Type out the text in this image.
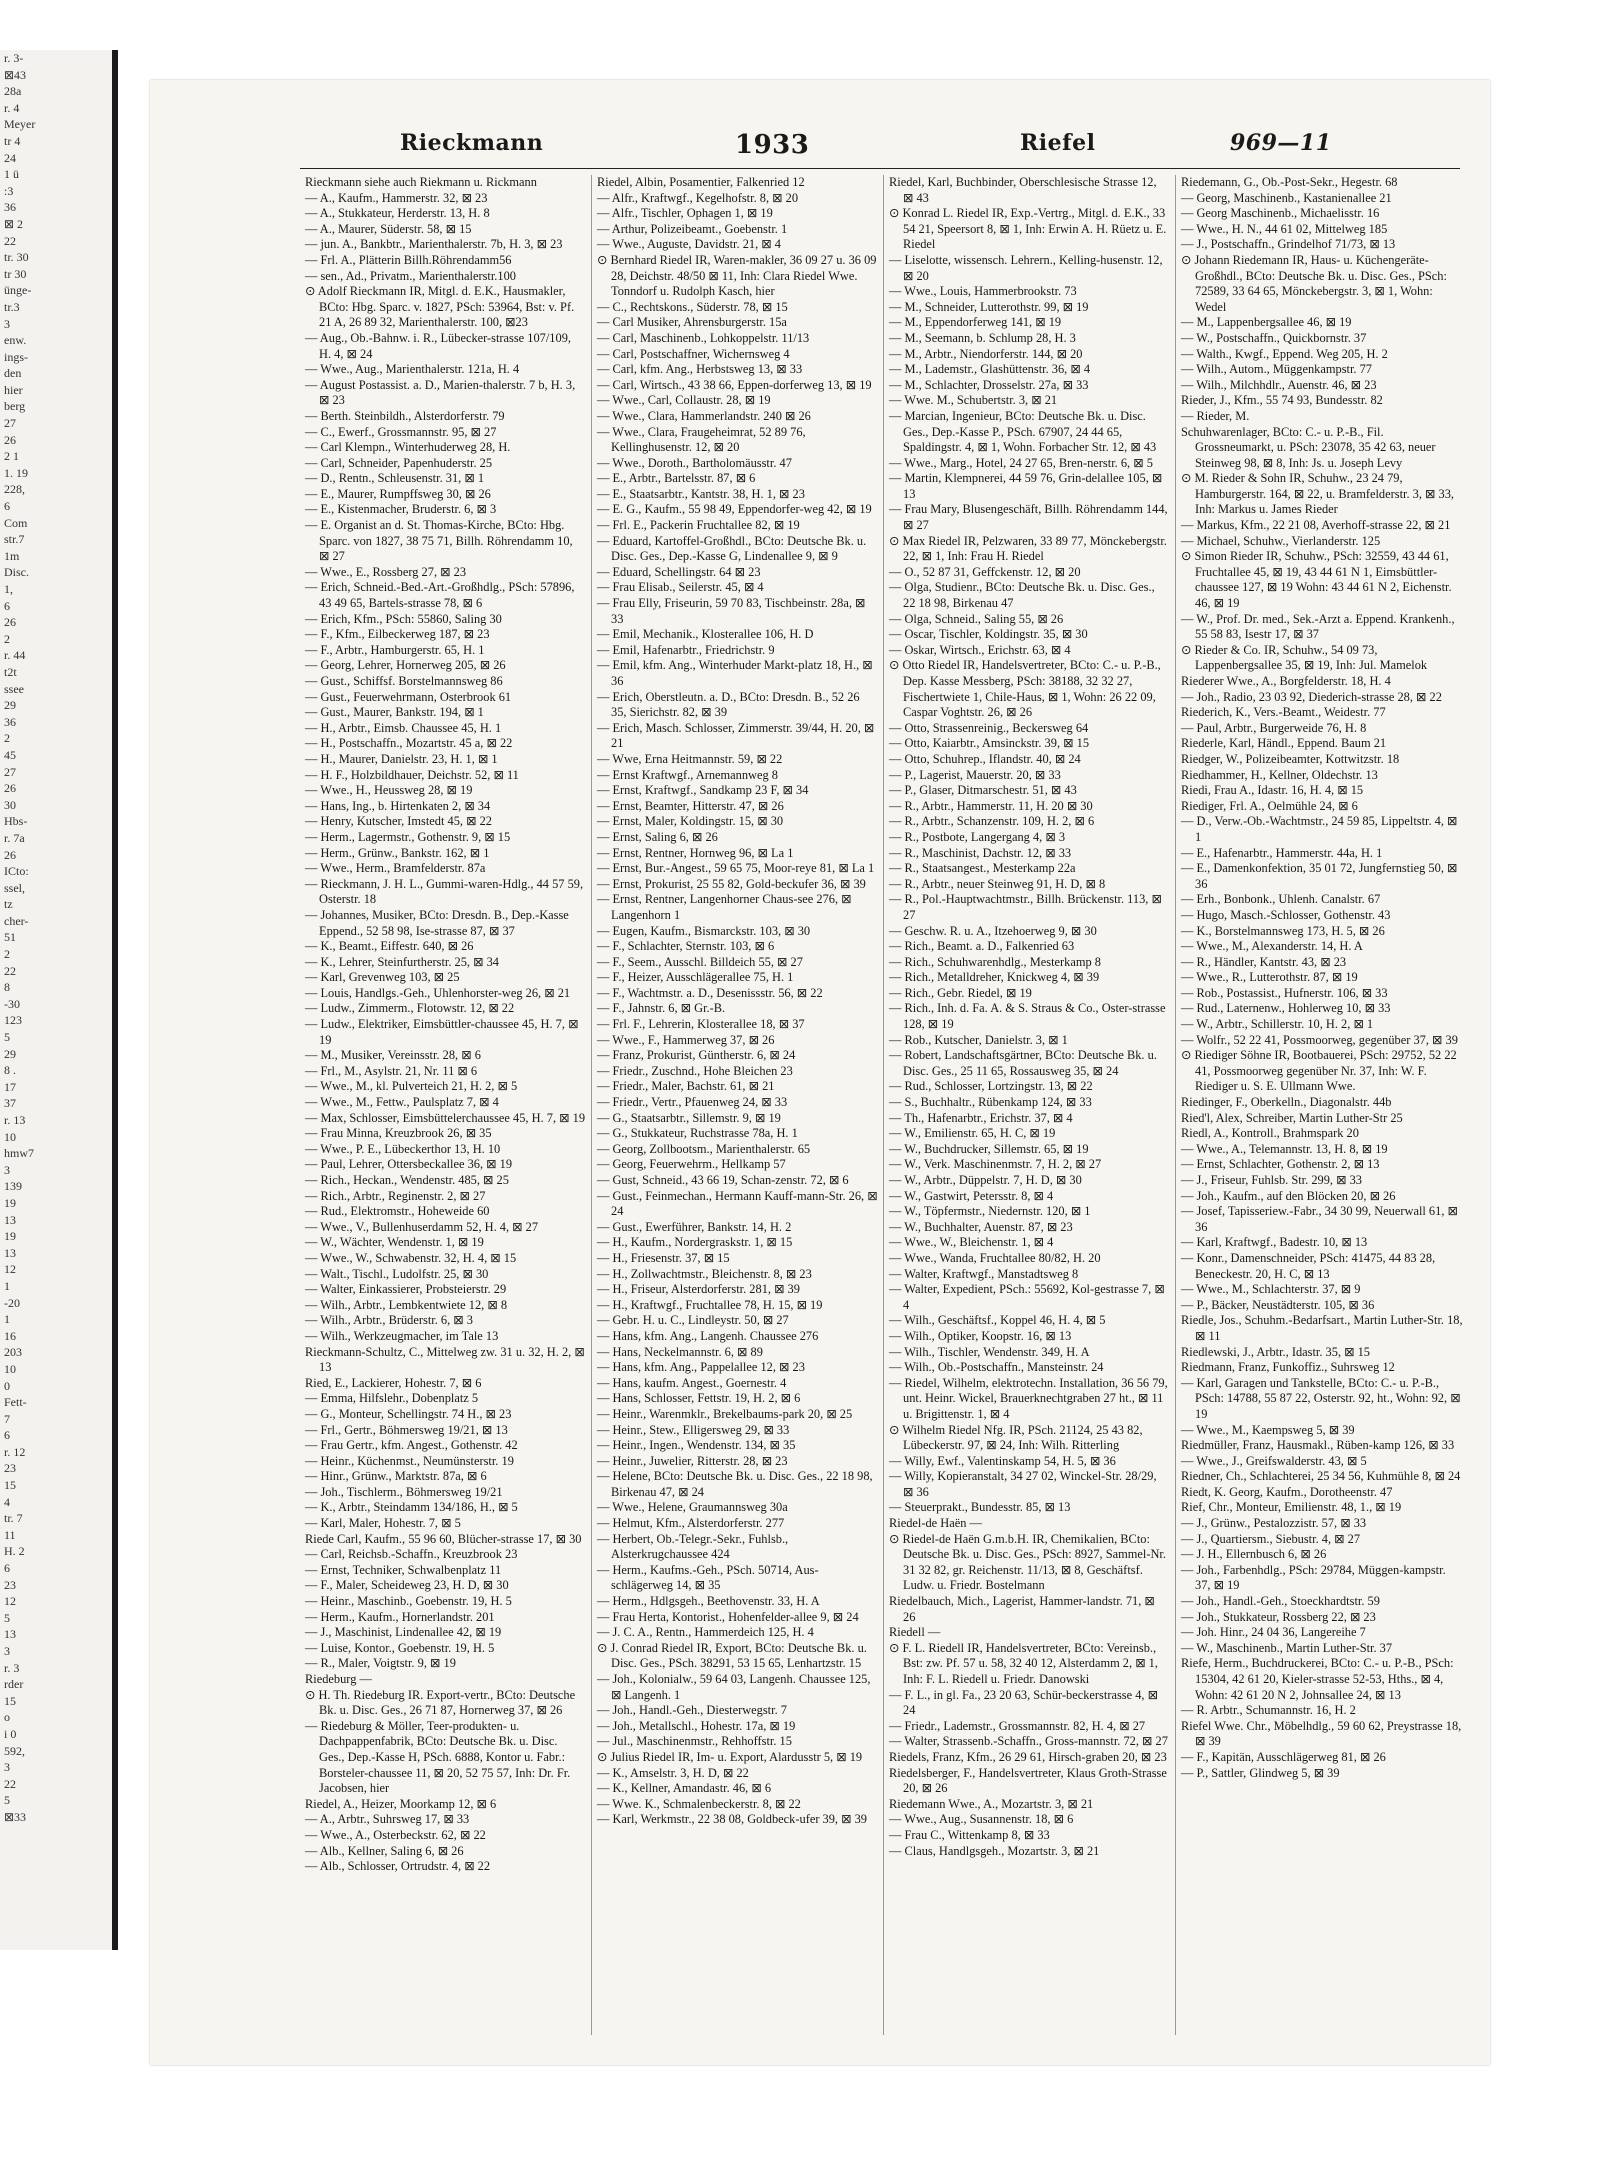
r. 3-
⊠43
28a
r. 4
Meyer
tr 4
24
1 ü
:3
36
⊠ 2
22
tr. 30
tr 30
ünge-
tr.3
3
enw.
ings-
den
hier
berg
27
26
2 1
1. 19
228,
6
Com
str.7
1m
Disc.
1,
6
26
2
r. 44
t2t
ssee
29
36
2
45
27
26
30
Hbs-
r. 7a
26
ICto:
ssel,
tz
cher-
51
2
22
8
-30
123
5
29
8 .
17
37
r. 13
10
hmw7
3
139
19
13
19
13
12
1
-20
1
16
203
10
0
Fett-
7
6
r. 12
23
15
4
tr. 7
11
H. 2
6
23
12
5
13
3
r. 3
rder
15
o
i 0
592,
3
22
5
⊠33
Rieckmann	1933	Riefel	969—11

Rieckmann siehe auch Riekmann u. Rickmann

— A., Kaufm., Hammerstr. 32, ⊠ 23

— A., Stukkateur, Herderstr. 13, H. 8

— A., Maurer, Süderstr. 58, ⊠ 15

— jun. A., Bankbtr., Marienthalerstr. 7b, H. 3, ⊠ 23

— Frl. A., Plätterin Billh.Röhrendamm56

— sen., Ad., Privatm., Marienthalerstr.100

⊙ Adolf Rieckmann IR, Mitgl. d. E.K., Hausmakler, BCto: Hbg. Sparc. v. 1827, PSch: 53964, Bst: v. Pf. 21 A, 26 89 32, Marienthalerstr. 100, ⊠23

— Aug., Ob.-Bahnw. i. R., Lübecker-strasse 107/109, H. 4, ⊠ 24

— Wwe., Aug., Marienthalerstr. 121a, H. 4

— August Postassist. a. D., Marien-thalerstr. 7 b, H. 3, ⊠ 23

— Berth. Steinbildh., Alsterdorferstr. 79

— C., Ewerf., Grossmannstr. 95, ⊠ 27

— Carl Klempn., Winterhuderweg 28, H.

— Carl, Schneider, Papenhuderstr. 25

— D., Rentn., Schleusenstr. 31, ⊠ 1

— E., Maurer, Rumpffsweg 30, ⊠ 26

— E., Kistenmacher, Bruderstr. 6, ⊠ 3

— E. Organist an d. St. Thomas-Kirche, BCto: Hbg. Sparc. von 1827, 38 75 71, Billh. Röhrendamm 10, ⊠ 27

— Wwe., E., Rossberg 27, ⊠ 23

— Erich, Schneid.-Bed.-Art.-Großhdlg., PSch: 57896, 43 49 65, Bartels-strasse 78, ⊠ 6

— Erich, Kfm., PSch: 55860, Saling 30

— F., Kfm., Eilbeckerweg 187, ⊠ 23

— F., Arbtr., Hamburgerstr. 65, H. 1

— Georg, Lehrer, Hornerweg 205, ⊠ 26

— Gust., Schiffsf. Borstelmannsweg 86

— Gust., Feuerwehrmann, Osterbrook 61

— Gust., Maurer, Bankstr. 194, ⊠ 1

— H., Arbtr., Eimsb. Chaussee 45, H. 1

— H., Postschaffn., Mozartstr. 45 a, ⊠ 22

— H., Maurer, Danielstr. 23, H. 1, ⊠ 1

— H. F., Holzbildhauer, Deichstr. 52, ⊠ 11

— Wwe., H., Heussweg 28, ⊠ 19

— Hans, Ing., b. Hirtenkaten 2, ⊠ 34

— Henry, Kutscher, Imstedt 45, ⊠ 22

— Herm., Lagermstr., Gothenstr. 9, ⊠ 15

— Herm., Grünw., Bankstr. 162, ⊠ 1

— Wwe., Herm., Bramfelderstr. 87a

— Rieckmann, J. H. L., Gummi-waren-Hdlg., 44 57 59, Osterstr. 18

— Johannes, Musiker, BCto: Dresdn. B., Dep.-Kasse Eppend., 52 58 98, Ise-strasse 87, ⊠ 37

— K., Beamt., Eiffestr. 640, ⊠ 26

— K., Lehrer, Steinfurtherstr. 25, ⊠ 34

— Karl, Grevenweg 103, ⊠ 25

— Louis, Handlgs.-Geh., Uhlenhorster-weg 26, ⊠ 21

— Ludw., Zimmerm., Flotowstr. 12, ⊠ 22

— Ludw., Elektriker, Eimsbüttler-chaussee 45, H. 7, ⊠ 19

— M., Musiker, Vereinsstr. 28, ⊠ 6

— Frl., M., Asylstr. 21, Nr. 11 ⊠ 6

— Wwe., M., kl. Pulverteich 21, H. 2, ⊠ 5

— Wwe., M., Fettw., Paulsplatz 7, ⊠ 4

— Max, Schlosser, Eimsbüttelerchaussee 45, H. 7, ⊠ 19

— Frau Minna, Kreuzbrook 26, ⊠ 35

— Wwe., P. E., Lübeckerthor 13, H. 10

— Paul, Lehrer, Ottersbeckallee 36, ⊠ 19

— Rich., Heckan., Wendenstr. 485, ⊠ 25

— Rich., Arbtr., Reginenstr. 2, ⊠ 27

— Rud., Elektromstr., Hoheweide 60

— Wwe., V., Bullenhuserdamm 52, H. 4, ⊠ 27

— W., Wächter, Wendenstr. 1, ⊠ 19

— Wwe., W., Schwabenstr. 32, H. 4, ⊠ 15

— Walt., Tischl., Ludolfstr. 25, ⊠ 30

— Walter, Einkassierer, Probsteierstr. 29

— Wilh., Arbtr., Lembkentwiete 12, ⊠ 8

— Wilh., Arbtr., Brüderstr. 6, ⊠ 3

— Wilh., Werkzeugmacher, im Tale 13

Rieckmann-Schultz, C., Mittelweg zw. 31 u. 32, H. 2, ⊠ 13

Ried, E., Lackierer, Hohestr. 7, ⊠ 6

— Emma, Hilfslehr., Dobenplatz 5

— G., Monteur, Schellingstr. 74 H., ⊠ 23

— Frl., Gertr., Böhmersweg 19/21, ⊠ 13

— Frau Gertr., kfm. Angest., Gothenstr. 42

— Heinr., Küchenmst., Neumünsterstr. 19

— Hinr., Grünw., Marktstr. 87a, ⊠ 6

— Joh., Tischlerm., Böhmersweg 19/21

— K., Arbtr., Steindamm 134/186, H., ⊠ 5

— Karl, Maler, Hohestr. 7, ⊠ 5

Riede Carl, Kaufm., 55 96 60, Blücher-strasse 17, ⊠ 30

— Carl, Reichsb.-Schaffn., Kreuzbrook 23

— Ernst, Techniker, Schwalbenplatz 11

— F., Maler, Scheideweg 23, H. D, ⊠ 30

— Heinr., Maschinb., Goebenstr. 19, H. 5

— Herm., Kaufm., Hornerlandstr. 201

— J., Maschinist, Lindenallee 42, ⊠ 19

— Luise, Kontor., Goebenstr. 19, H. 5

— R., Maler, Voigtstr. 9, ⊠ 19

Riedeburg —

⊙ H. Th. Riedeburg IR. Export-vertr., BCto: Deutsche Bk. u. Disc. Ges., 26 71 87, Hornerweg 37, ⊠ 26

— Riedeburg & Möller, Teer-produkten- u. Dachpappenfabrik, BCto: Deutsche Bk. u. Disc. Ges., Dep.-Kasse H, PSch. 6888, Kontor u. Fabr.: Borsteler-chaussee 11, ⊠ 20, 52 75 57, Inh: Dr. Fr. Jacobsen, hier

Riedel, A., Heizer, Moorkamp 12, ⊠ 6

— A., Arbtr., Suhrsweg 17, ⊠ 33

— Wwe., A., Osterbeckstr. 62, ⊠ 22

— Alb., Kellner, Saling 6, ⊠ 26

— Alb., Schlosser, Ortrudstr. 4, ⊠ 22

Riedel, Albin, Posamentier, Falkenried 12

— Alfr., Kraftwgf., Kegelhofstr. 8, ⊠ 20

— Alfr., Tischler, Ophagen 1, ⊠ 19

— Arthur, Polizeibeamt., Goebenstr. 1

— Wwe., Auguste, Davidstr. 21, ⊠ 4

⊙ Bernhard Riedel IR, Waren-makler, 36 09 27 u. 36 09 28, Deichstr. 48/50 ⊠ 11, Inh: Clara Riedel Wwe. Tonndorf u. Rudolph Kasch, hier

— C., Rechtskons., Süderstr. 78, ⊠ 15

— Carl Musiker, Ahrensburgerstr. 15a

— Carl, Maschinenb., Lohkoppelstr. 11/13

— Carl, Postschaffner, Wichernsweg 4

— Carl, kfm. Ang., Herbstsweg 13, ⊠ 33

— Carl, Wirtsch., 43 38 66, Eppen-dorferweg 13, ⊠ 19

— Wwe., Carl, Collaustr. 28, ⊠ 19

— Wwe., Clara, Hammerlandstr. 240 ⊠ 26

— Wwe., Clara, Fraugeheimrat, 52 89 76, Kellinghusenstr. 12, ⊠ 20

— Wwe., Doroth., Bartholomäusstr. 47

— E., Arbtr., Bartelsstr. 87, ⊠ 6

— E., Staatsarbtr., Kantstr. 38, H. 1, ⊠ 23

— E. G., Kaufm., 55 98 49, Eppendorfer-weg 42, ⊠ 19

— Frl. E., Packerin Fruchtallee 82, ⊠ 19

— Eduard, Kartoffel-Großhdl., BCto: Deutsche Bk. u. Disc. Ges., Dep.-Kasse G, Lindenallee 9, ⊠ 9

— Eduard, Schellingstr. 64 ⊠ 23

— Frau Elisab., Seilerstr. 45, ⊠ 4

— Frau Elly, Friseurin, 59 70 83, Tischbeinstr. 28a, ⊠ 33

— Emil, Mechanik., Klosterallee 106, H. D

— Emil, Hafenarbtr., Friedrichstr. 9

— Emil, kfm. Ang., Winterhuder Markt-platz 18, H., ⊠ 36

— Erich, Oberstleutn. a. D., BCto: Dresdn. B., 52 26 35, Sierichstr. 82, ⊠ 39

— Erich, Masch. Schlosser, Zimmerstr. 39/44, H. 20, ⊠ 21

— Wwe, Erna Heitmannstr. 59, ⊠ 22

— Ernst Kraftwgf., Arnemannweg 8

— Ernst, Kraftwgf., Sandkamp 23 F, ⊠ 34

— Ernst, Beamter, Hitterstr. 47, ⊠ 26

— Ernst, Maler, Koldingstr. 15, ⊠ 30

— Ernst, Saling 6, ⊠ 26

— Ernst, Rentner, Hornweg 96, ⊠ La 1

— Ernst, Bur.-Angest., 59 65 75, Moor-reye 81, ⊠ La 1

— Ernst, Prokurist, 25 55 82, Gold-beckufer 36, ⊠ 39

— Ernst, Rentner, Langenhorner Chaus-see 276, ⊠ Langenhorn 1

— Eugen, Kaufm., Bismarckstr. 103, ⊠ 30

— F., Schlachter, Sternstr. 103, ⊠ 6

— F., Seem., Ausschl. Billdeich 55, ⊠ 27

— F., Heizer, Ausschlägerallee 75, H. 1

— F., Wachtmstr. a. D., Desenissstr. 56, ⊠ 22

— F., Jahnstr. 6, ⊠ Gr.-B.

— Frl. F., Lehrerin, Klosterallee 18, ⊠ 37

— Wwe., F., Hammerweg 37, ⊠ 26

— Franz, Prokurist, Güntherstr. 6, ⊠ 24

— Friedr., Zuschnd., Hohe Bleichen 23

— Friedr., Maler, Bachstr. 61, ⊠ 21

— Friedr., Vertr., Pfauenweg 24, ⊠ 33

— G., Staatsarbtr., Sillemstr. 9, ⊠ 19

— G., Stukkateur, Ruchstrasse 78a, H. 1

— Georg, Zollbootsm., Marienthalerstr. 65

— Georg, Feuerwehrm., Hellkamp 57

— Gust, Schneid., 43 66 19, Schan-zenstr. 72, ⊠ 6

— Gust., Feinmechan., Hermann Kauff-mann-Str. 26, ⊠ 24

— Gust., Ewerführer, Bankstr. 14, H. 2

— H., Kaufm., Nordergraskstr. 1, ⊠ 15

— H., Friesenstr. 37, ⊠ 15

— H., Zollwachtmstr., Bleichenstr. 8, ⊠ 23

— H., Friseur, Alsterdorferstr. 281, ⊠ 39

— H., Kraftwgf., Fruchtallee 78, H. 15, ⊠ 19

— Gebr. H. u. C., Lindleystr. 50, ⊠ 27

— Hans, kfm. Ang., Langenh. Chaussee 276

— Hans, Neckelmannstr. 6, ⊠ 89

— Hans, kfm. Ang., Pappelallee 12, ⊠ 23

— Hans, kaufm. Angest., Goernestr. 4

— Hans, Schlosser, Fettstr. 19, H. 2, ⊠ 6

— Heinr., Warenmklr., Brekelbaums-park 20, ⊠ 25

— Heinr., Stew., Elligersweg 29, ⊠ 33

— Heinr., Ingen., Wendenstr. 134, ⊠ 35

— Heinr., Juwelier, Ritterstr. 28, ⊠ 23

— Helene, BCto: Deutsche Bk. u. Disc. Ges., 22 18 98, Birkenau 47, ⊠ 24

— Wwe., Helene, Graumannsweg 30a

— Helmut, Kfm., Alsterdorferstr. 277

— Herbert, Ob.-Telegr.-Sekr., Fuhlsb., Alsterkrugchaussee 424

— Herm., Kaufms.-Geh., PSch. 50714, Aus-schlägerweg 14, ⊠ 35

— Herm., Hdlgsgeh., Beethovenstr. 33, H. A

— Frau Herta, Kontorist., Hohenfelder-allee 9, ⊠ 24

— J. C. A., Rentn., Hammerdeich 125, H. 4

⊙ J. Conrad Riedel IR, Export, BCto: Deutsche Bk. u. Disc. Ges., PSch. 38291, 53 15 65, Lenhartzstr. 15

— Joh., Kolonialw., 59 64 03, Langenh. Chaussee 125, ⊠ Langenh. 1

— Joh., Handl.-Geh., Diesterwegstr. 7

— Joh., Metallschl., Hohestr. 17a, ⊠ 19

— Jul., Maschinenmstr., Rehhoffstr. 15

⊙ Julius Riedel IR, Im- u. Export, Alardusstr 5, ⊠ 19

— K., Amselstr. 3, H. D, ⊠ 22

— K., Kellner, Amandastr. 46, ⊠ 6

— Wwe. K., Schmalenbeckerstr. 8, ⊠ 22

— Karl, Werkmstr., 22 38 08, Goldbeck-ufer 39, ⊠ 39

Riedel, Karl, Buchbinder, Oberschlesische Strasse 12, ⊠ 43

⊙ Konrad L. Riedel IR, Exp.-Vertrg., Mitgl. d. E.K., 33 54 21, Speersort 8, ⊠ 1, Inh: Erwin A. H. Rüetz u. E. Riedel

— Liselotte, wissensch. Lehrern., Kelling-husenstr. 12, ⊠ 20

— Wwe., Louis, Hammerbrookstr. 73

— M., Schneider, Lutterothstr. 99, ⊠ 19

— M., Eppendorferweg 141, ⊠ 19

— M., Seemann, b. Schlump 28, H. 3

— M., Arbtr., Niendorferstr. 144, ⊠ 20

— M., Lademstr., Glashüttenstr. 36, ⊠ 4

— M., Schlachter, Drosselstr. 27a, ⊠ 33

— Wwe. M., Schubertstr. 3, ⊠ 21

— Marcian, Ingenieur, BCto: Deutsche Bk. u. Disc. Ges., Dep.-Kasse P., PSch. 67907, 24 44 65, Spaldingstr. 4, ⊠ 1, Wohn. Forbacher Str. 12, ⊠ 43

— Wwe., Marg., Hotel, 24 27 65, Bren-nerstr. 6, ⊠ 5

— Martin, Klempnerei, 44 59 76, Grin-delallee 105, ⊠ 13

— Frau Mary, Blusengeschäft, Billh. Röhrendamm 144, ⊠ 27

⊙ Max Riedel IR, Pelzwaren, 33 89 77, Mönckebergstr. 22, ⊠ 1, Inh: Frau H. Riedel

— O., 52 87 31, Geffckenstr. 12, ⊠ 20

— Olga, Studienr., BCto: Deutsche Bk. u. Disc. Ges., 22 18 98, Birkenau 47

— Olga, Schneid., Saling 55, ⊠ 26

— Oscar, Tischler, Koldingstr. 35, ⊠ 30

— Oskar, Wirtsch., Erichstr. 63, ⊠ 4

⊙ Otto Riedel IR, Handelsvertreter, BCto: C.- u. P.-B., Dep. Kasse Messberg, PSch: 38188, 32 32 27, Fischertwiete 1, Chile-Haus, ⊠ 1, Wohn: 26 22 09, Caspar Voghtstr. 26, ⊠ 26

— Otto, Strassenreinig., Beckersweg 64

— Otto, Kaiarbtr., Amsinckstr. 39, ⊠ 15

— Otto, Schuhrep., Iflandstr. 40, ⊠ 24

— P., Lagerist, Mauerstr. 20, ⊠ 33

— P., Glaser, Ditmarschestr. 51, ⊠ 43

— R., Arbtr., Hammerstr. 11, H. 20 ⊠ 30

— R., Arbtr., Schanzenstr. 109, H. 2, ⊠ 6

— R., Postbote, Langergang 4, ⊠ 3

— R., Maschinist, Dachstr. 12, ⊠ 33

— R., Staatsangest., Mesterkamp 22a

— R., Arbtr., neuer Steinweg 91, H. D, ⊠ 8

— R., Pol.-Hauptwachtmstr., Billh. Brückenstr. 113, ⊠ 27

— Geschw. R. u. A., Itzehoerweg 9, ⊠ 30

— Rich., Beamt. a. D., Falkenried 63

— Rich., Schuhwarenhdlg., Mesterkamp 8

— Rich., Metalldreher, Knickweg 4, ⊠ 39

— Rich., Gebr. Riedel, ⊠ 19

— Rich., Inh. d. Fa. A. & S. Straus & Co., Oster-strasse 128, ⊠ 19

— Rob., Kutscher, Danielstr. 3, ⊠ 1

— Robert, Landschaftsgärtner, BCto: Deutsche Bk. u. Disc. Ges., 25 11 65, Rossausweg 35, ⊠ 24

— Rud., Schlosser, Lortzingstr. 13, ⊠ 22

— S., Buchhaltr., Rübenkamp 124, ⊠ 33

— Th., Hafenarbtr., Erichstr. 37, ⊠ 4

— W., Emilienstr. 65, H. C, ⊠ 19

— W., Buchdrucker, Sillemstr. 65, ⊠ 19

— W., Verk. Maschinenmstr. 7, H. 2, ⊠ 27

— W., Arbtr., Düppelstr. 7, H. D, ⊠ 30

— W., Gastwirt, Petersstr. 8, ⊠ 4

— W., Töpfermstr., Niedernstr. 120, ⊠ 1

— W., Buchhalter, Auenstr. 87, ⊠ 23

— Wwe., W., Bleichenstr. 1, ⊠ 4

— Wwe., Wanda, Fruchtallee 80/82, H. 20

— Walter, Kraftwgf., Manstadtsweg 8

— Walter, Expedient, PSch.: 55692, Kol-gestrasse 7, ⊠ 4

— Wilh., Geschäftsf., Koppel 46, H. 4, ⊠ 5

— Wilh., Optiker, Koopstr. 16, ⊠ 13

— Wilh., Tischler, Wendenstr. 349, H. A

— Wilh., Ob.-Postschaffn., Mansteinstr. 24

— Riedel, Wilhelm, elektrotechn. Installation, 36 56 79, unt. Heinr. Wickel, Brauerknechtgraben 27 ht., ⊠ 11 u. Brigittenstr. 1, ⊠ 4

⊙ Wilhelm Riedel Nfg. IR, PSch. 21124, 25 43 82, Lübeckerstr. 97, ⊠ 24, Inh: Wilh. Ritterling

— Willy, Ewf., Valentinskamp 54, H. 5, ⊠ 36

— Willy, Kopieranstalt, 34 27 02, Winckel-Str. 28/29, ⊠ 36

— Steuerprakt., Bundesstr. 85, ⊠ 13

Riedel-de Haën —

⊙ Riedel-de Haën G.m.b.H. IR, Chemikalien, BCto: Deutsche Bk. u. Disc. Ges., PSch: 8927, Sammel-Nr. 31 32 82, gr. Reichenstr. 11/13, ⊠ 8, Geschäftsf. Ludw. u. Friedr. Bostelmann

Riedelbauch, Mich., Lagerist, Hammer-landstr. 71, ⊠ 26

Riedell —

⊙ F. L. Riedell IR, Handelsvertreter, BCto: Vereinsb., Bst: zw. Pf. 57 u. 58, 32 40 12, Alsterdamm 2, ⊠ 1, Inh: F. L. Riedell u. Friedr. Danowski

— F. L., in gl. Fa., 23 20 63, Schür-beckerstrasse 4, ⊠ 24

— Friedr., Lademstr., Grossmannstr. 82, H. 4, ⊠ 27

— Walter, Strassenb.-Schaffn., Gross-mannstr. 72, ⊠ 27

Riedels, Franz, Kfm., 26 29 61, Hirsch-graben 20, ⊠ 23

Riedelsberger, F., Handelsvertreter, Klaus Groth-Strasse 20, ⊠ 26

Riedemann Wwe., A., Mozartstr. 3, ⊠ 21

— Wwe., Aug., Susannenstr. 18, ⊠ 6

— Frau C., Wittenkamp 8, ⊠ 33

— Claus, Handlgsgeh., Mozartstr. 3, ⊠ 21

Riedemann, G., Ob.-Post-Sekr., Hegestr. 68

— Georg, Maschinenb., Kastanienallee 21

— Georg Maschinenb., Michaelisstr. 16

— Wwe., H. N., 44 61 02, Mittelweg 185

— J., Postschaffn., Grindelhof 71/73, ⊠ 13

⊙ Johann Riedemann IR, Haus- u. Küchengeräte-Großhdl., BCto: Deutsche Bk. u. Disc. Ges., PSch: 72589, 33 64 65, Mönckebergstr. 3, ⊠ 1, Wohn: Wedel

— M., Lappenbergsallee 46, ⊠ 19

— W., Postschaffn., Quickbornstr. 37

— Walth., Kwgf., Eppend. Weg 205, H. 2

— Wilh., Autom., Müggenkampstr. 77

— Wilh., Milchhdlr., Auenstr. 46, ⊠ 23

Rieder, J., Kfm., 55 74 93, Bundesstr. 82

— Rieder, M.

Schuhwarenlager, BCto: C.- u. P.-B., Fil. Grossneumarkt, u. PSch: 23078, 35 42 63, neuer Steinweg 98, ⊠ 8, Inh: Js. u. Joseph Levy

⊙ M. Rieder & Sohn IR, Schuhw., 23 24 79, Hamburgerstr. 164, ⊠ 22, u. Bramfelderstr. 3, ⊠ 33, Inh: Markus u. James Rieder

— Markus, Kfm., 22 21 08, Averhoff-strasse 22, ⊠ 21

— Michael, Schuhw., Vierlanderstr. 125

⊙ Simon Rieder IR, Schuhw., PSch: 32559, 43 44 61, Fruchtallee 45, ⊠ 19, 43 44 61 N 1, Eimsbüttler-chaussee 127, ⊠ 19 Wohn: 43 44 61 N 2, Eichenstr. 46, ⊠ 19

— W., Prof. Dr. med., Sek.-Arzt a. Eppend. Krankenh., 55 58 83, Isestr 17, ⊠ 37

⊙ Rieder & Co. IR, Schuhw., 54 09 73, Lappenbergsallee 35, ⊠ 19, Inh: Jul. Mamelok

Riederer Wwe., A., Borgfelderstr. 18, H. 4

— Joh., Radio, 23 03 92, Diederich-strasse 28, ⊠ 22

Riederich, K., Vers.-Beamt., Weidestr. 77

— Paul, Arbtr., Burgerweide 76, H. 8

Riederle, Karl, Händl., Eppend. Baum 21

Riedger, W., Polizeibeamter, Kottwitzstr. 18

Riedhammer, H., Kellner, Oldechstr. 13

Riedi, Frau A., Idastr. 16, H. 4, ⊠ 15

Riediger, Frl. A., Oelmühle 24, ⊠ 6

— D., Verw.-Ob.-Wachtmstr., 24 59 85, Lippeltstr. 4, ⊠ 1

— E., Hafenarbtr., Hammerstr. 44a, H. 1

— E., Damenkonfektion, 35 01 72, Jungfernstieg 50, ⊠ 36

— Erh., Bonbonk., Uhlenh. Canalstr. 67

— Hugo, Masch.-Schlosser, Gothenstr. 43

— K., Borstelmannsweg 173, H. 5, ⊠ 26

— Wwe., M., Alexanderstr. 14, H. A

— R., Händler, Kantstr. 43, ⊠ 23

— Wwe., R., Lutterothstr. 87, ⊠ 19

— Rob., Postassist., Hufnerstr. 106, ⊠ 33

— Rud., Laternenw., Hohlerweg 10, ⊠ 33

— W., Arbtr., Schillerstr. 10, H. 2, ⊠ 1

— Wolfr., 52 22 41, Possmoorweg, gegenüber 37, ⊠ 39

⊙ Riediger Söhne IR, Bootbauerei, PSch: 29752, 52 22 41, Possmoorweg gegenüber Nr. 37, Inh: W. F. Riediger u. S. E. Ullmann Wwe.

Riedinger, F., Oberkelln., Diagonalstr. 44b

Ried'l, Alex, Schreiber, Martin Luther-Str 25

Riedl, A., Kontroll., Brahmspark 20

— Wwe., A., Telemannstr. 13, H. 8, ⊠ 19

— Ernst, Schlachter, Gothenstr. 2, ⊠ 13

— J., Friseur, Fuhlsb. Str. 299, ⊠ 33

— Joh., Kaufm., auf den Blöcken 20, ⊠ 26

— Josef, Tapisseriew.-Fabr., 34 30 99, Neuerwall 61, ⊠ 36

— Karl, Kraftwgf., Badestr. 10, ⊠ 13

— Konr., Damenschneider, PSch: 41475, 44 83 28, Beneckestr. 20, H. C, ⊠ 13

— Wwe., M., Schlachterstr. 37, ⊠ 9

— P., Bäcker, Neustädterstr. 105, ⊠ 36

Riedle, Jos., Schuhm.-Bedarfsart., Martin Luther-Str. 18, ⊠ 11

Riedlewski, J., Arbtr., Idastr. 35, ⊠ 15

Riedmann, Franz, Funkoffiz., Suhrsweg 12

— Karl, Garagen und Tankstelle, BCto: C.- u. P.-B., PSch: 14788, 55 87 22, Osterstr. 92, ht., Wohn: 92, ⊠ 19

— Wwe., M., Kaempsweg 5, ⊠ 39

Riedmüller, Franz, Hausmakl., Rüben-kamp 126, ⊠ 33

— Wwe., J., Greifswalderstr. 43, ⊠ 5

Riedner, Ch., Schlachterei, 25 34 56, Kuhmühle 8, ⊠ 24

Riedt, K. Georg, Kaufm., Dorotheenstr. 47

Rief, Chr., Monteur, Emilienstr. 48, 1., ⊠ 19

— J., Grünw., Pestalozzistr. 57, ⊠ 33

— J., Quartiersm., Siebustr. 4, ⊠ 27

— J. H., Ellernbusch 6, ⊠ 26

— Joh., Farbenhdlg., PSch: 29784, Müggen-kampstr. 37, ⊠ 19

— Joh., Handl.-Geh., Stoeckhardtstr. 59

— Joh., Stukkateur, Rossberg 22, ⊠ 23

— Joh. Hinr., 24 04 36, Langereihe 7

— W., Maschinenb., Martin Luther-Str. 37

Riefe, Herm., Buchdruckerei, BCto: C.- u. P.-B., PSch: 15304, 42 61 20, Kieler-strasse 52-53, Hths., ⊠ 4, Wohn: 42 61 20 N 2, Johnsallee 24, ⊠ 13

— R. Arbtr., Schumannstr. 16, H. 2

Riefel Wwe. Chr., Möbelhdlg., 59 60 62, Preystrasse 18, ⊠ 39

— F., Kapitän, Ausschlägerweg 81, ⊠ 26

— P., Sattler, Glindweg 5, ⊠ 39
